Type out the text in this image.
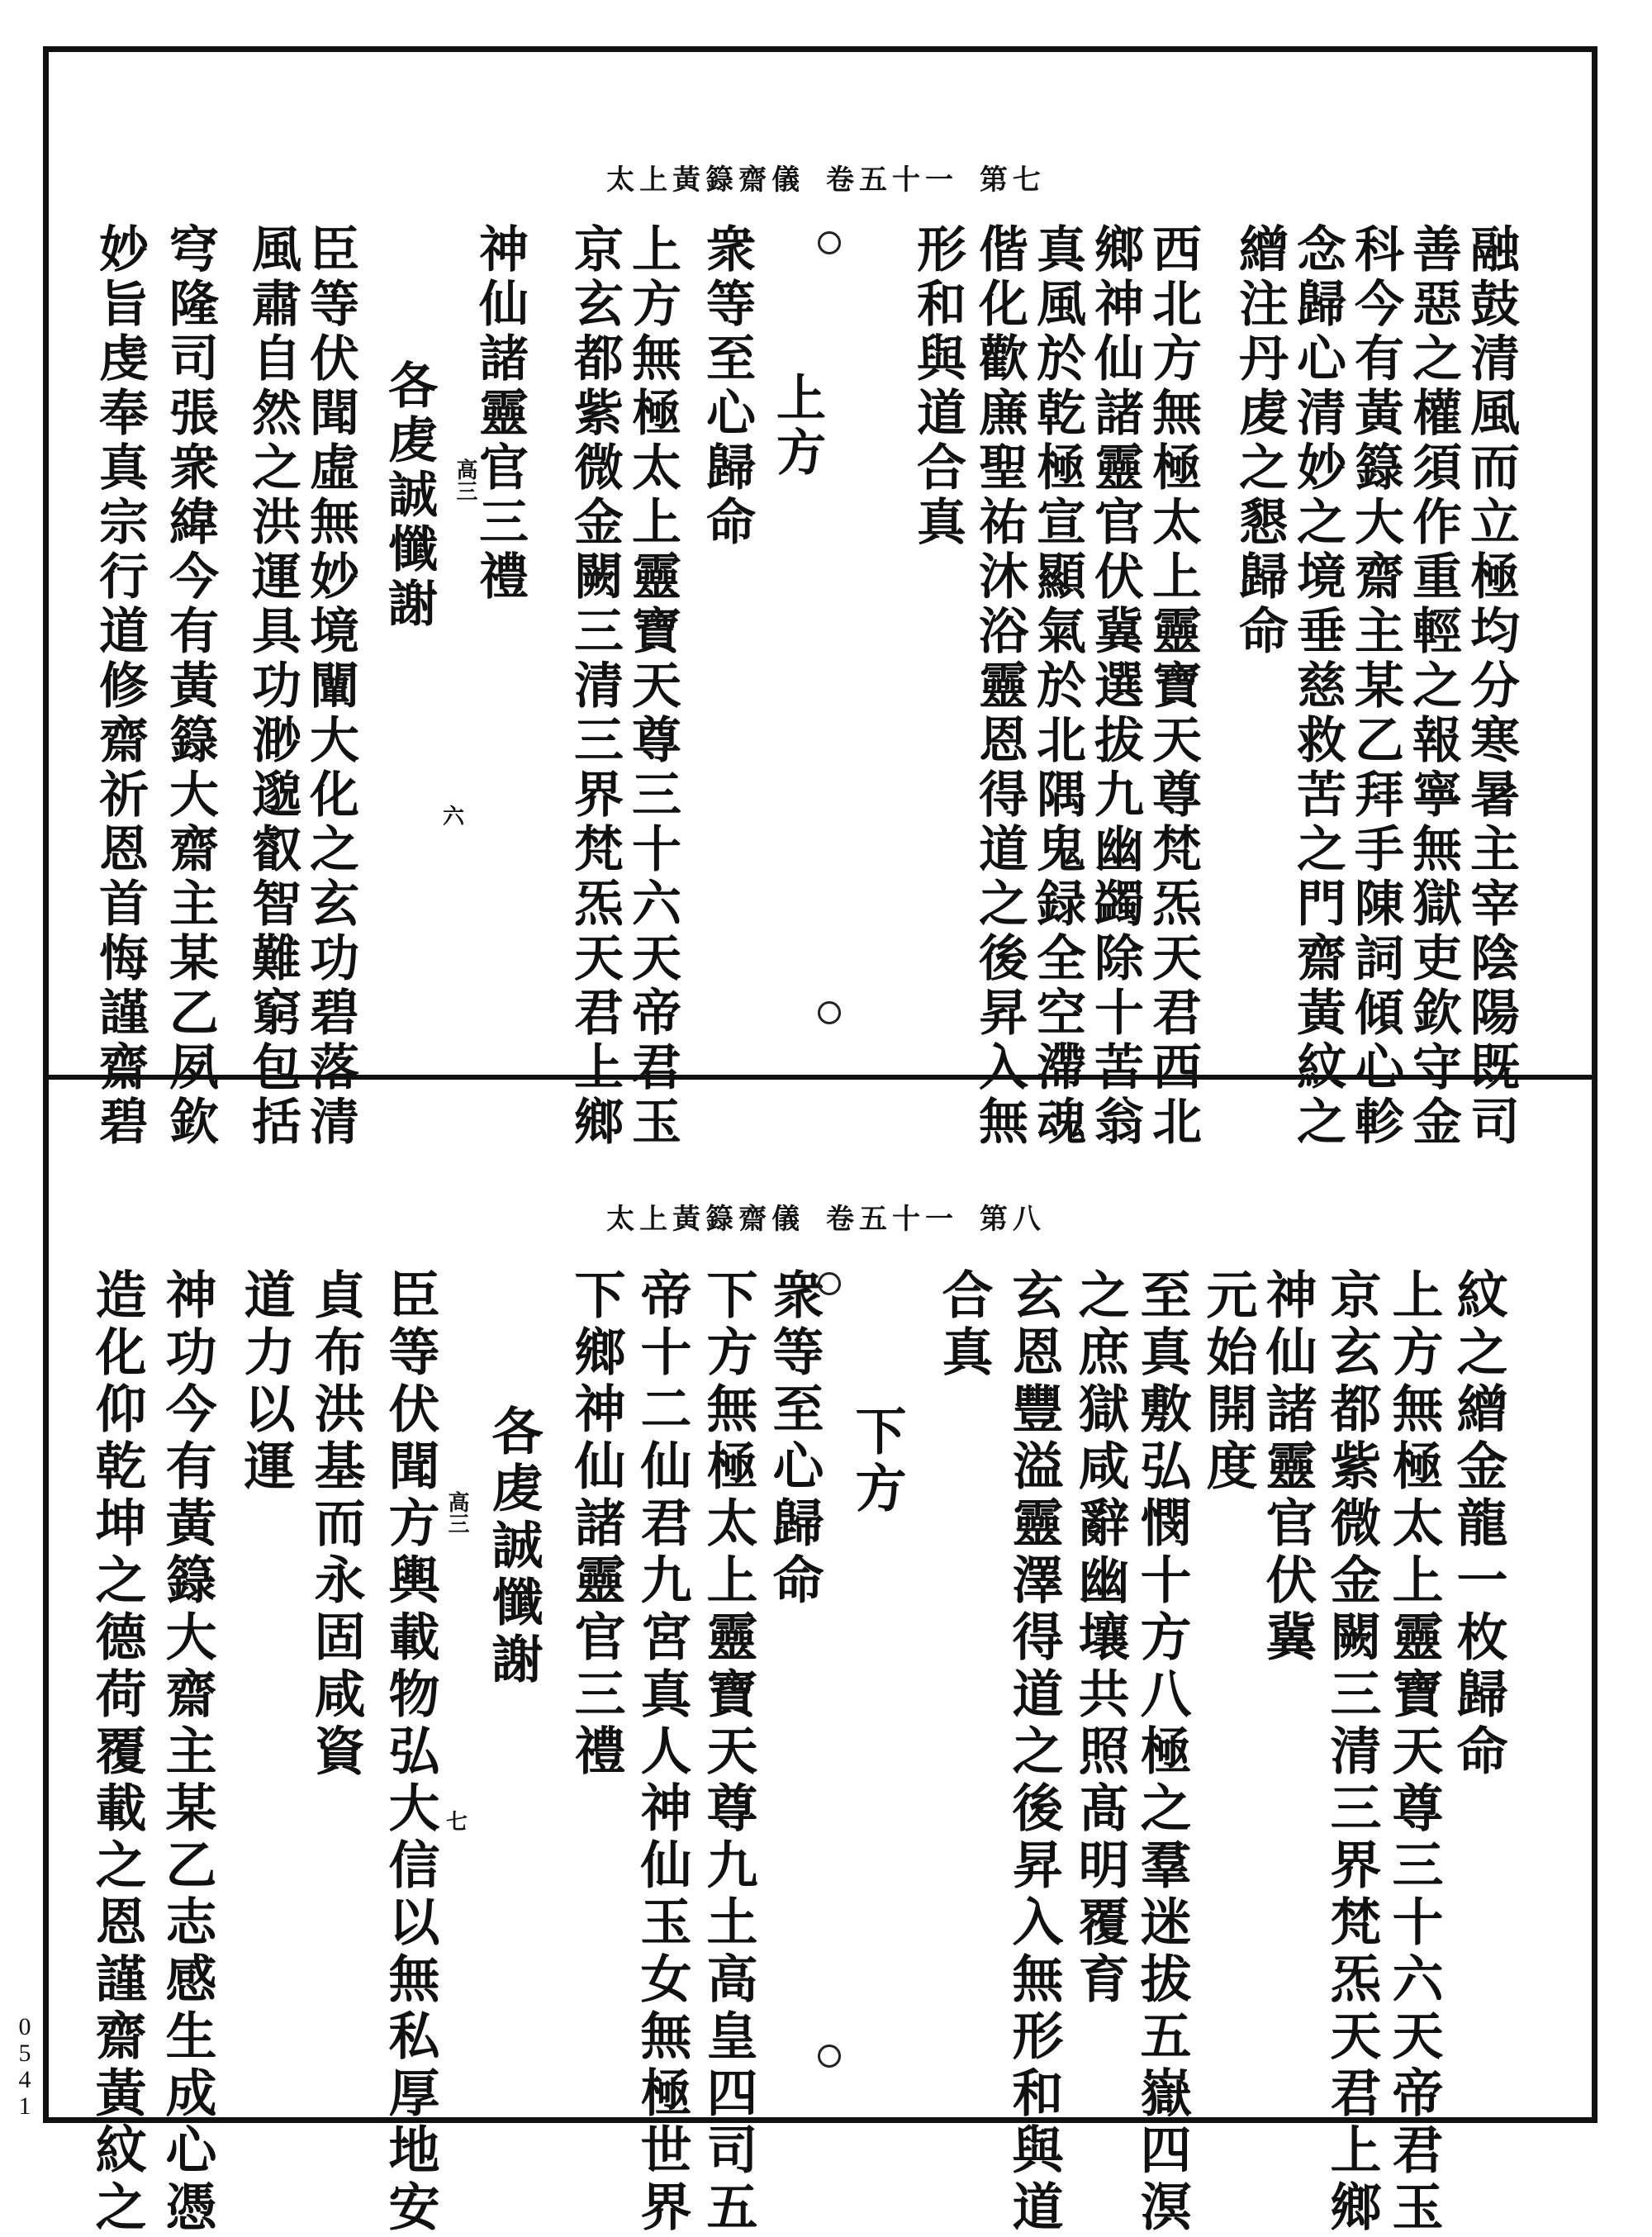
太上黃籙齋儀 卷五十一 第七
融鼓清風而立極均分寒暑主宰陰陽既司
善惡之權須作重輕之報寧無獄吏欽守金
科今有黃籙大齋主某乙拜手陳詞傾心軫
念歸心清妙之境垂慈救苦之門齋黃紋之
繒注丹䖍之懇歸命
西北方無極太上靈寶天尊梵炁天君西北
鄉神仙諸靈官伏冀選拔九幽蠲除十苦翁
真風於乾極宣顯氣於北隅鬼録全空滯魂
偕化歡㢘聖祐沐浴靈恩得道之後昇入無
形和與道合真
上方
衆等至心歸命
上方無極太上靈寶天尊三十六天帝君玉
京玄都紫微金闕三清三界梵炁天君上鄉
神仙諸靈官三禮
各䖍誠懺謝
臣等伏聞虛無妙境闡大化之玄功碧落清
風肅自然之洪運具功渺邈叡智難窮包括
穹隆司張衆緯今有黃籙大齋主某乙夙欽
妙旨虔奉真宗行道修齋祈恩首悔謹齋碧	高三
六
太上黃籙齋儀 卷五十一 第八
紋之繒金龍一枚歸命
上方無極太上靈寶天尊三十六天帝君玉
京玄都紫微金闕三清三界梵炁天君上鄉
神仙諸靈官伏冀
元始開度
至真敷弘憫十方八極之羣迷拔五嶽四溟
之庶獄咸辭幽壤共照髙明覆育
玄恩豐溢靈澤得道之後昇入無形和與道
合真
下方
衆等至心歸命
下方無極太上靈寶天尊九土高皇四司五
帝十二仙君九宮真人神仙玉女無極世界
下鄉神仙諸靈官三禮
各䖍誠懺謝
臣等伏聞方輿載物弘大信以無私厚地安
貞布洪基而永固咸資
道力以運
神功今有黃籙大齋主某乙志感生成心憑
造化仰乾坤之德荷覆載之恩謹齋黃紋之	高三
七
0541
